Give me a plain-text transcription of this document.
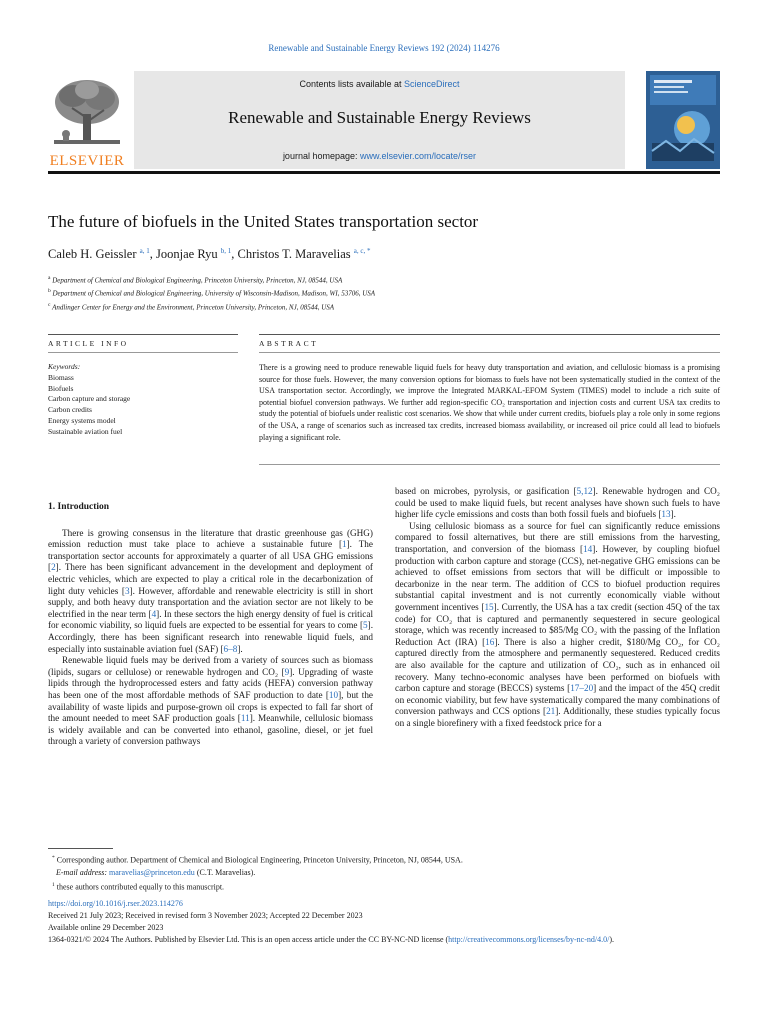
Renewable and Sustainable Energy Reviews 192 (2024) 114276
ELSEVIER
Contents lists available at ScienceDirect
Renewable and Sustainable Energy Reviews
journal homepage: www.elsevier.com/locate/rser
The future of biofuels in the United States transportation sector
Caleb H. Geissler $^{a, 1}$, Joonjae Ryu $^{b, 1}$, Christos T. Maravelias $^{a, c, *}$
$^a$ Department of Chemical and Biological Engineering, Princeton University, Princeton, NJ, 08544, USA
$^b$ Department of Chemical and Biological Engineering, University of Wisconsin-Madison, Madison, WI, 53706, USA
$^c$ Andlinger Center for Energy and the Environment, Princeton University, Princeton, NJ, 08544, USA
ARTICLE INFO	ABSTRACT
Keywords:
Biomass
Biofuels
Carbon capture and storage
Carbon credits
Energy systems model
Sustainable aviation fuel
There is a growing need to produce renewable liquid fuels for heavy duty transportation and aviation, and cellulosic biomass is a promising source for those fuels. However, the many conversion options for biomass to fuels have not been systematically studied in the context of the USA transportation sector. Accordingly, we improve the Integrated MARKAL-EFOM System (TIMES) model to include a rich suite of potential biofuel conversion pathways. We further add region-specific CO₂ transportation and injection costs and current USA tax credits to study the potential of biofuels under realistic cost scenarios. We show that while under current credits, biofuels play a role only in some regions of the USA, a range of scenarios such as increased tax credits, increased biomass availability, or increased oil price could all lead to biofuels playing a significant role.
1. Introduction

There is growing consensus in the literature that drastic greenhouse gas (GHG) emission reduction must take place to achieve a sustainable future [1]. The transportation sector accounts for approximately a quarter of all USA GHG emissions [2]. There has been significant advancement in the development and deployment of electric vehicles, which are expected to play a critical role in the decarbonization of light duty vehicles [3]. However, affordable and renewable electricity is still in short supply, and both heavy duty transportation and the aviation sector are not likely to be electrified in the near term [4]. In these sectors the high energy density of fuel is critical for economic viability, so liquid fuels are expected to be essential for years to come [5]. Accordingly, there has been significant research into renewable liquid fuels, and especially into sustainable aviation fuel (SAF) [6–8].

Renewable liquid fuels may be derived from a variety of sources such as biomass (lipids, sugars or cellulose) or renewable hydrogen and CO₂ [9]. Upgrading of waste lipids through the hydroprocessed esters and fatty acids (HEFA) conversion pathway has been one of the most affordable methods of SAF production to date [10], but the availability of waste lipids and purpose-grown oil crops is expected to fall far short of the amount needed to meet SAF production goals [11]. Meanwhile, cellulosic biomass is widely available and can be converted into ethanol, gasoline, diesel, or jet fuel through a variety of conversion pathways

based on microbes, pyrolysis, or gasification [5,12]. Renewable hydrogen and CO₂ could be used to make liquid fuels, but recent analyses have shown such fuels to have higher life cycle emissions and costs than both fossil fuels and biofuels [13].

Using cellulosic biomass as a source for fuel can significantly reduce emissions compared to fossil alternatives, but there are still emissions from the harvesting, transportation, and conversion of the biomass [14]. However, by coupling biofuel production with carbon capture and storage (CCS), net-negative GHG emissions can be achieved to offset emissions from sectors that will be difficult or impossible to decarbonize in the near term. The addition of CCS to biofuel production requires substantial capital investment and is not currently economically viable without government incentives [15]. Currently, the USA has a tax credit (section 45Q of the tax code) for CO₂ that is captured and permanently sequestered in secure geological storage, which was recently increased to $85/Mg CO₂ with the passing of the Inflation Reduction Act (IRA) [16]. There is also a higher credit, $180/Mg CO₂, for CO₂ captured directly from the atmosphere and permanently sequestered. Reduced credits are also available for the capture and utilization of CO₂, such as in enhanced oil recovery. Many techno-economic analyses have been performed on biofuels with carbon capture and storage (BECCS) systems [17–20] and the impact of the 45Q credit on economic viability, but few have systematically compared the many combinations of conversion pathways and CCS options [21]. Additionally, these studies typically focus on a single biorefinery with a fixed feedstock price for a

* Corresponding author. Department of Chemical and Biological Engineering, Princeton University, Princeton, NJ, 08544, USA.
E-mail address: maravelias@princeton.edu (C.T. Maravelias).
$^1$ these authors contributed equally to this manuscript.
https://doi.org/10.1016/j.rser.2023.114276
Received 21 July 2023; Received in revised form 3 November 2023; Accepted 22 December 2023
Available online 29 December 2023
1364-0321/© 2024 The Authors. Published by Elsevier Ltd. This is an open access article under the CC BY-NC-ND license (http://creativecommons.org/licenses/by-nc-nd/4.0/).
